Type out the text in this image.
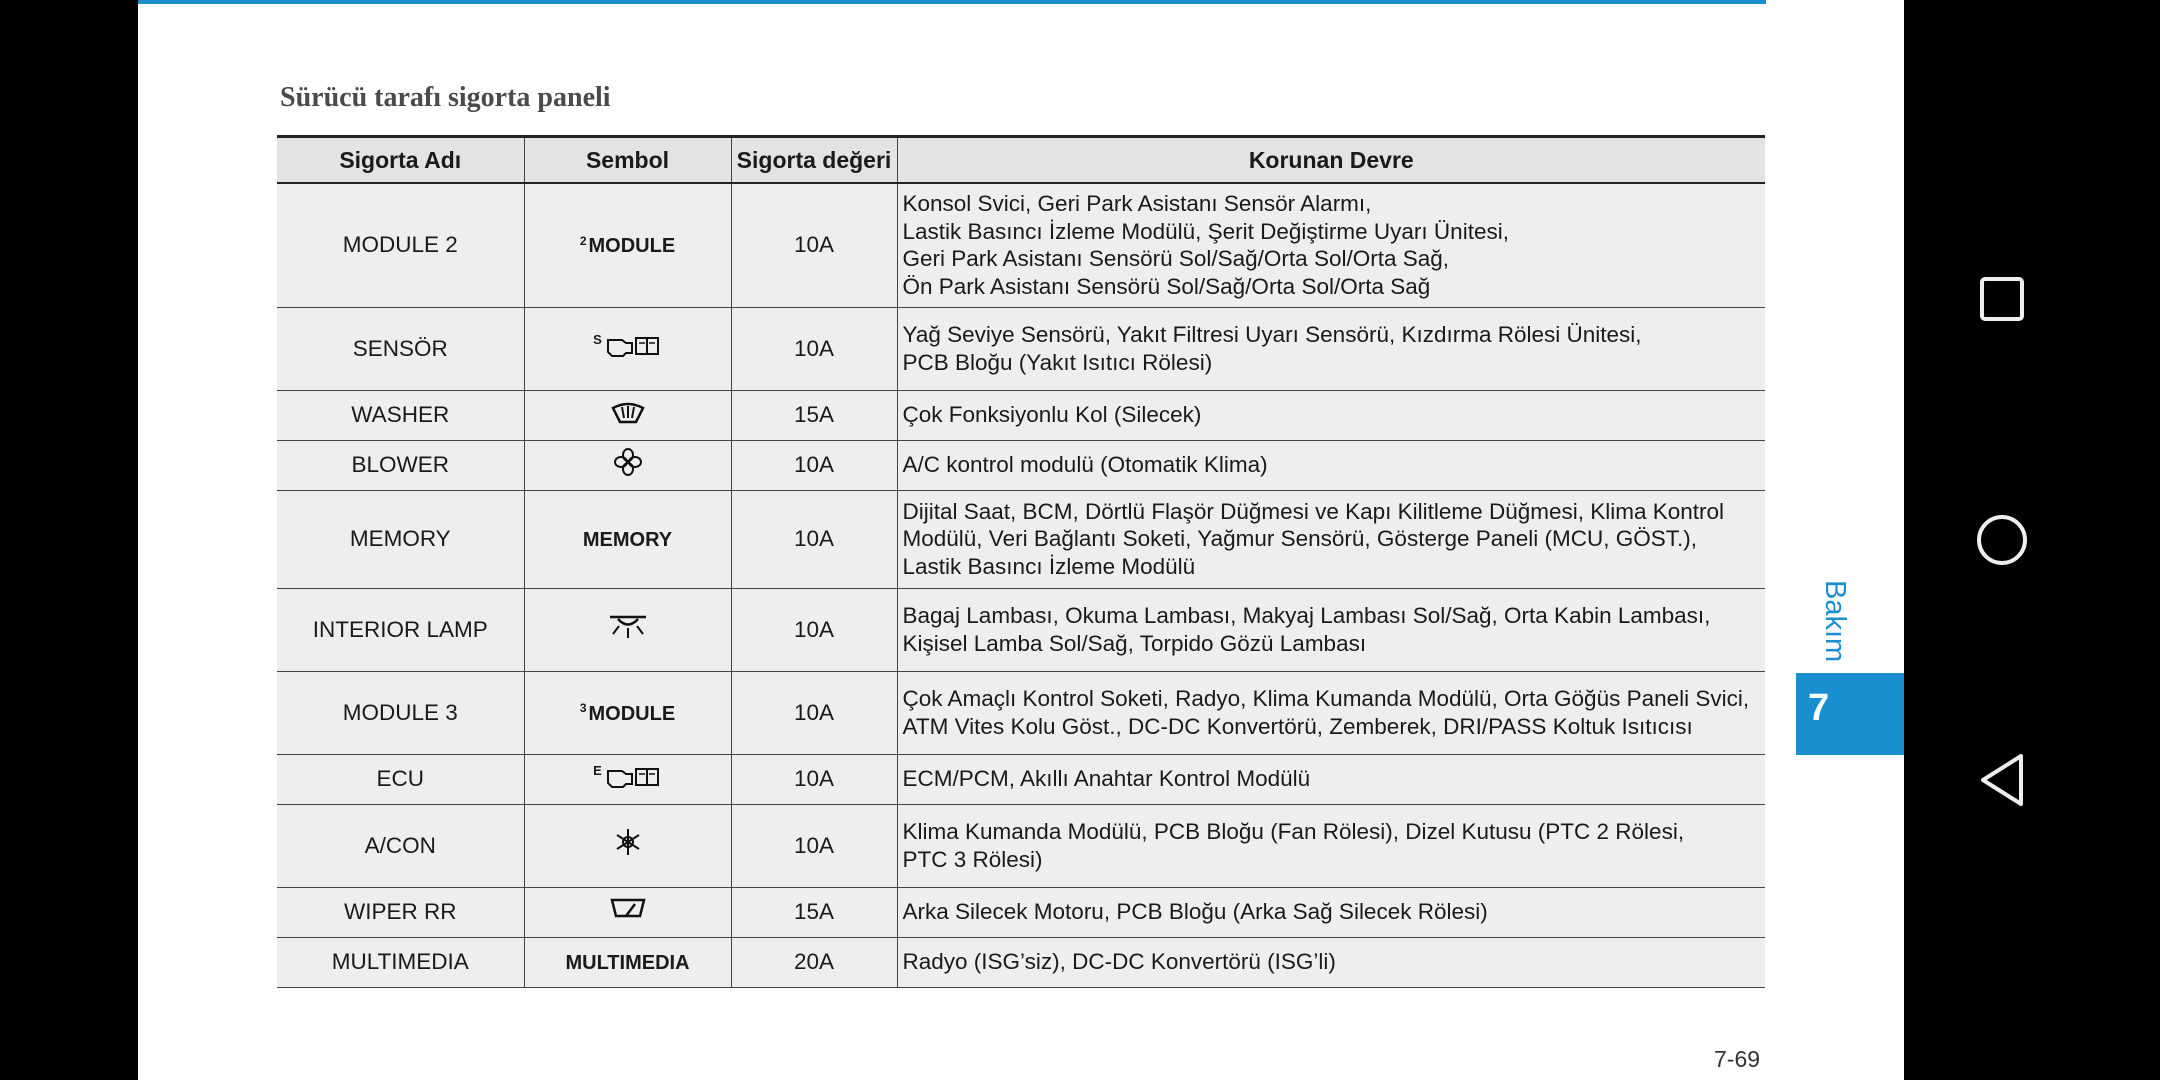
Sürücü tarafı sigorta paneli
Sigorta Adı	Sembol	Sigorta değeri	Korunan Devre
MODULE 2	$^2$ MODULE	10A	Konsol Svici, Geri Park Asistanı Sensör Alarmı,
Lastik Basıncı İzleme Modülü, Şerit Değiştirme Uyarı Ünitesi,
Geri Park Asistanı Sensörü Sol/Sağ/Orta Sol/Orta Sağ,
Ön Park Asistanı Sensörü Sol/Sağ/Orta Sol/Orta Sağ

SENSÖR	$^S$	10A	Yağ Seviye Sensörü, Yakıt Filtresi Uyarı Sensörü, Kızdırma Rölesi Ünitesi,
PCB Bloğu (Yakıt Isıtıcı Rölesi)

WASHER		15A	Çok Fonksiyonlu Kol (Silecek)

BLOWER		10A	A/C kontrol modulü (Otomatik Klima)

MEMORY	MEMORY	10A	Dijital Saat, BCM, Dörtlü Flaşör Düğmesi ve Kapı Kilitleme Düğmesi, Klima Kontrol
Modülü, Veri Bağlantı Soketi, Yağmur Sensörü, Gösterge Paneli (MCU, GÖST.),
Lastik Basıncı İzleme Modülü

INTERIOR LAMP		10A	Bagaj Lambası, Okuma Lambası, Makyaj Lambası Sol/Sağ, Orta Kabin Lambası,
Kişisel Lamba Sol/Sağ, Torpido Gözü Lambası

MODULE 3	$^3$ MODULE	10A	Çok Amaçlı Kontrol Soketi, Radyo, Klima Kumanda Modülü, Orta Göğüs Paneli Svici,
ATM Vites Kolu Göst., DC-DC Konvertörü, Zemberek, DRI/PASS Koltuk Isıtıcısı

ECU	$^E$	10A	ECM/PCM, Akıllı Anahtar Kontrol Modülü

A/CON		10A	Klima Kumanda Modülü, PCB Bloğu (Fan Rölesi), Dizel Kutusu (PTC 2 Rölesi,
PTC 3 Rölesi)

WIPER RR		15A	Arka Silecek Motoru, PCB Bloğu (Arka Sağ Silecek Rölesi)

MULTIMEDIA	MULTIMEDIA	20A	Radyo (ISG’siz), DC-DC Konvertörü (ISG’li)
7-69
Bakım
7
